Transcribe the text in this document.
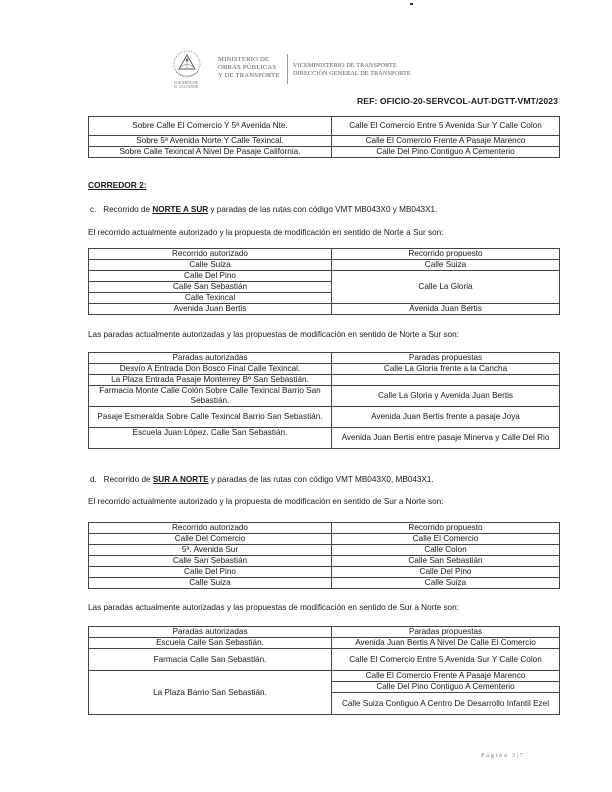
GOBIERNO DE
EL SALVADOR
MINISTERIO DE
OBRAS PÚBLICAS
Y DE TRANSPORTE
VICEMINISTERIO DE TRANSPORTE
DIRECCIÓN GENERAL DE TRANSPORTE
REF: OFICIO-20-SERVCOL-AUT-DGTT-VMT/2023
Sobre Calle El Comercio Y 5ª Avenida Nte.	Calle El Comercio Entre 5 Avenida Sur Y Calle Colon
Sobre 5ª Avenida Norte Y Calle Texincal.	Calle El Comercio Frente A Pasaje Marenco
Sobre Calle Texincal A Nivel De Pasaje California.	Calle Del Pino Contiguo A Cementerio
CORREDOR 2:
c. Recorrido de NORTE A SUR y paradas de las rutas con código VMT MB043X0 y MB043X1.
El recorrido actualmente autorizado y la propuesta de modificación en sentido de Norte a Sur son:
Recorrido autorizado	Recorrido propuesto
Calle Suiza	Calle Suiza
Calle Del Pino	Calle La Gloria
Calle San Sebastián	
Calle Texincal	
Avenida Juan Bertis	Avenida Juan Bertis
Las paradas actualmente autorizadas y las propuestas de modificación en sentido de Norte a Sur son:
Paradas autorizadas	Paradas propuestas
Desvío A Entrada Don Bosco Final Calle Texincal.	Calle La Gloria frente a la Cancha
La Plaza Entrada Pasaje Monterrey Bº San Sebastián.	
Farmacia Monte Calle Colón Sobre Calle Texincal Barrio San Sebastián.	Calle La Gloria y Avenida Juan Bertis
Pasaje Esmeralda Sobre Calle Texincal Barrio San Sebastián.	Avenida Juan Bertis frente a pasaje Joya
Escuela Juan López. Calle San Sebastián.	Avenida Juan Bertis entre pasaje Minerva y Calle Del Rio
d. Recorrido de SUR A NORTE y paradas de las rutas con código VMT MB043X0, MB043X1.
El recorrido actualmente autorizado y la propuesta de modificación en sentido de Sur a Norte son:
Recorrido autorizado	Recorrido propuesto
Calle Del Comercio	Calle El Comercio
5ª. Avenida Sur	Calle Colon
Calle San Sebastián	Calle San Sebastián
Calle Del Pino	Calle Del Pino
Calle Suiza	Calle Suiza
Las paradas actualmente autorizadas y las propuestas de modificación en sentido de Sur a Norte son:
Paradas autorizadas	Paradas propuestas
Escuela Calle San Sebastián.	Avenida Juan Bertis A Nivel De Calle El Comercio
Farmacia Calle San Sebastián.	Calle El Comercio Entre 5 Avenida Sur Y Calle Colon
La Plaza Barrio San Sebastián.	Calle El Comercio Frente A Pasaje Marenco
	Calle Del Pino Contiguo A Cementerio
	Calle Suiza Contiguo A Centro De Desarrollo Infantil Ezel
Página 3|7
